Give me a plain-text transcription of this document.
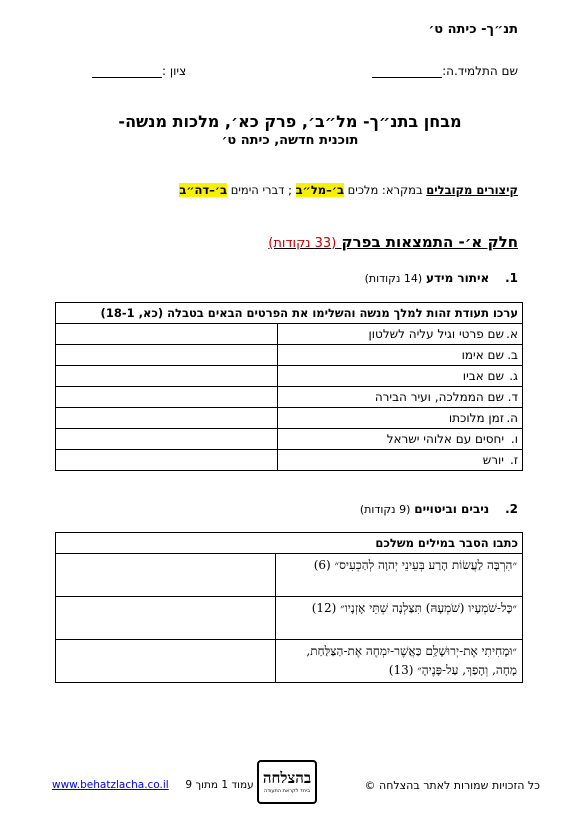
תנ״ך- כיתה ט׳
שם התלמיד.ה:
ציון :
מבחן בתנ״ך- מל״ב׳, פרק כא׳, מלכות מנשה-
תוכנית חדשה, כיתה ט׳
קיצורים מקובלים במקרא: מלכים ב׳–מל״ב ; דברי הימים ב׳–דה״ב
חלק א׳- התמצאות בפרק (33 נקודות)
1. איתור מידע (14 נקודות)
ערכו תעודת זהות למלך מנשה והשלימו את הפרטים הבאים בטבלה (כא, 18-1)	
א.שם פרטי וגיל עליה לשלטון	
ב.שם אימו	
ג.שם אביו	
ד.שם הממלכה, ועיר הבירה	
ה.זמן מלוכתו	
ו.יחסים עם אלוהי ישראל	
ז.יורש	
2. ניבים וביטויים (9 נקודות)
כתבו הסבר במילים משלכם	
״הִרְבָּה לַעֲשׂוֹת הָרַע בְּעֵינֵי יְהוָה לְהַכְעִיס״ (6)	
״כָּל-שֹׁמְעָיו (שֹׁמְעָהּ) תִּצַּלְנָה שְׁתֵּי אָזְנָיו״ (12)	
״וּמָחִיתִי אֶת-יְרוּשָׁלִַם כַּאֲשֶׁר-יִמְחֶה אֶת-הַצַּלַּחַת, מָחָה, וְהָפַךְ, עַל-פָּנֶיהָ״ (13)	
כל הזכויות שמורות לאתר בהצלחה ©
בהצלחה
ביחד לקראת התעודה
עמוד 1 מתוך 9     www.behatzlacha.co.il
